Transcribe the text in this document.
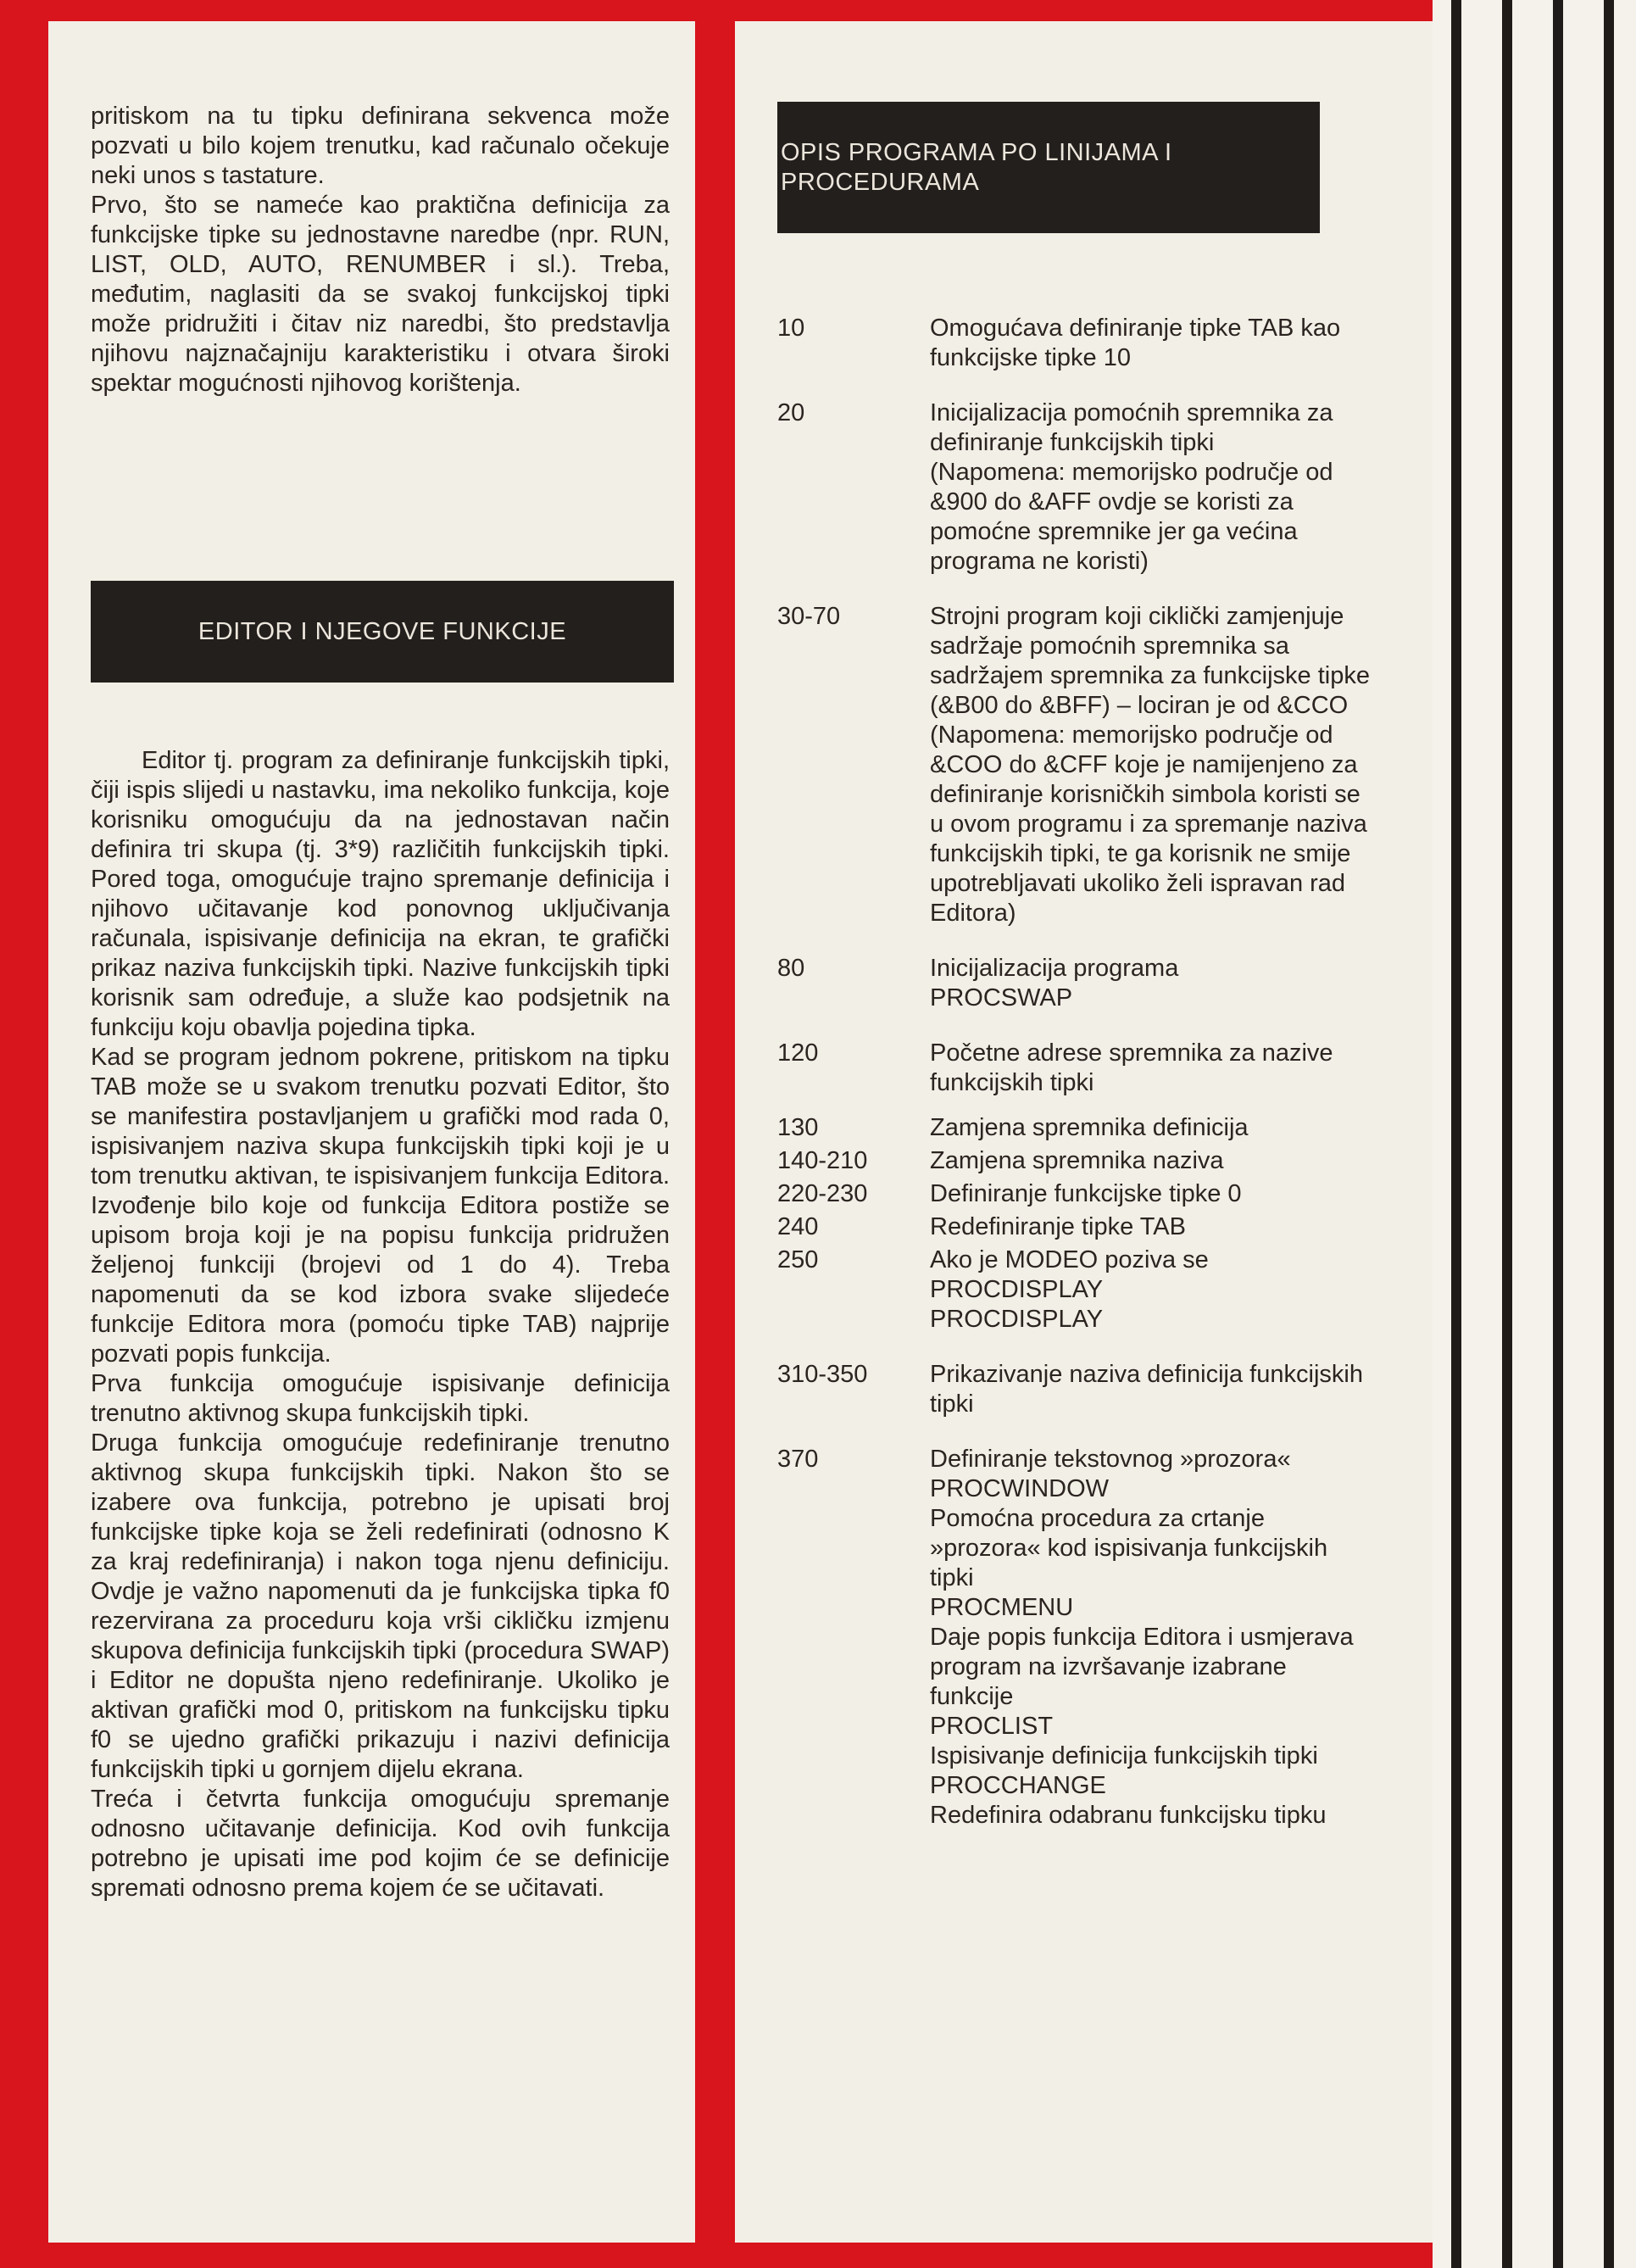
pritiskom na tu tipku definirana sekvenca može pozvati u bilo kojem trenutku, kad računalo očekuje neki unos s tastature.

Prvo, što se nameće kao praktična definicija za funkcijske tipke su jednostavne naredbe (npr. RUN, LIST, OLD, AUTO, RENUMBER i sl.). Treba, međutim, naglasiti da se svakoj funkcijskoj tipki može pridružiti i čitav niz naredbi, što predstavlja njihovu najznačajniju karakteristiku i otvara široki spektar mogućnosti njihovog korištenja.

EDITOR I NJEGOVE FUNKCIJE

Editor tj. program za definiranje funkcijskih tipki, čiji ispis slijedi u nastavku, ima nekoliko funkcija, koje korisniku omogućuju da na jednostavan način definira tri skupa (tj. 3*9) različitih funkcijskih tipki. Pored toga, omogućuje trajno spremanje definicija i njihovo učitavanje kod ponovnog uključivanja računala, ispisivanje definicija na ekran, te grafički prikaz naziva funkcijskih tipki. Nazive funkcijskih tipki korisnik sam određuje, a služe kao podsjetnik na funkciju koju obavlja pojedina tipka.

Kad se program jednom pokrene, pritiskom na tipku TAB može se u svakom trenutku pozvati Editor, što se manifestira postavljanjem u grafički mod rada 0, ispisivanjem naziva skupa funkcijskih tipki koji je u tom trenutku aktivan, te ispisivanjem funkcija Editora. Izvođenje bilo koje od funkcija Editora postiže se upisom broja koji je na popisu funkcija pridružen željenoj funkciji (brojevi od 1 do 4). Treba napomenuti da se kod izbora svake slijedeće funkcije Editora mora (pomoću tipke TAB) najprije pozvati popis funkcija.

Prva funkcija omogućuje ispisivanje definicija trenutno aktivnog skupa funkcijskih tipki.

Druga funkcija omogućuje redefiniranje trenutno aktivnog skupa funkcijskih tipki. Nakon što se izabere ova funkcija, potrebno je upisati broj funkcijske tipke koja se želi redefinirati (odnosno K za kraj redefiniranja) i nakon toga njenu definiciju. Ovdje je važno napomenuti da je funkcijska tipka f0 rezervirana za proceduru koja vrši cikličku izmjenu skupova definicija funkcijskih tipki (procedura SWAP) i Editor ne dopušta njeno redefiniranje. Ukoliko je aktivan grafički mod 0, pritiskom na funkcijsku tipku f0 se ujedno grafički prikazuju i nazivi definicija funkcijskih tipki u gornjem dijelu ekrana.

Treća i četvrta funkcija omogućuju spremanje odnosno učitavanje definicija. Kod ovih funkcija potrebno je upisati ime pod kojim će se definicije spremati odnosno prema kojem će se učitavati.

OPIS PROGRAMA PO LINIJAMA I PROCEDURAMA
10	Omogućava definiranje tipke TAB kao funkcijske tipke 10

20	Inicijalizacija pomoćnih spremnika za definiranje funkcijskih tipki

(Napomena: memorijsko područje od &900 do &AFF ovdje se koristi za pomoćne spremnike jer ga većina programa ne koristi)

30-70	Strojni program koji ciklički zamjenjuje sadržaje pomoćnih spremnika sa sadržajem spremnika za funkcijske tipke (&B00 do &BFF) – lociran je od &CCO

(Napomena: memorijsko područje od &COO do &CFF koje je namijenjeno za definiranje korisničkih simbola koristi se u ovom programu i za spremanje naziva funkcijskih tipki, te ga korisnik ne smije upotrebljavati ukoliko želi ispravan rad Editora)

80	Inicijalizacija programa

PROCSWAP

120	Početne adrese spremnika za nazive funkcijskih tipki

130	Zamjena spremnika definicija

140-210	Zamjena spremnika naziva

220-230	Definiranje funkcijske tipke 0

240	Redefiniranje tipke TAB

250	Ako je MODEO poziva se PROCDISPLAY

PROCDISPLAY

310-350	Prikazivanje naziva definicija funkcijskih tipki

370	Definiranje tekstovnog »prozora«

PROCWINDOW

Pomoćna procedura za crtanje »prozora« kod ispisivanja funkcijskih tipki

PROCMENU

Daje popis funkcija Editora i usmjerava program na izvršavanje izabrane funkcije

PROCLIST

Ispisivanje definicija funkcijskih tipki

PROCCHANGE

Redefinira odabranu funkcijsku tipku
